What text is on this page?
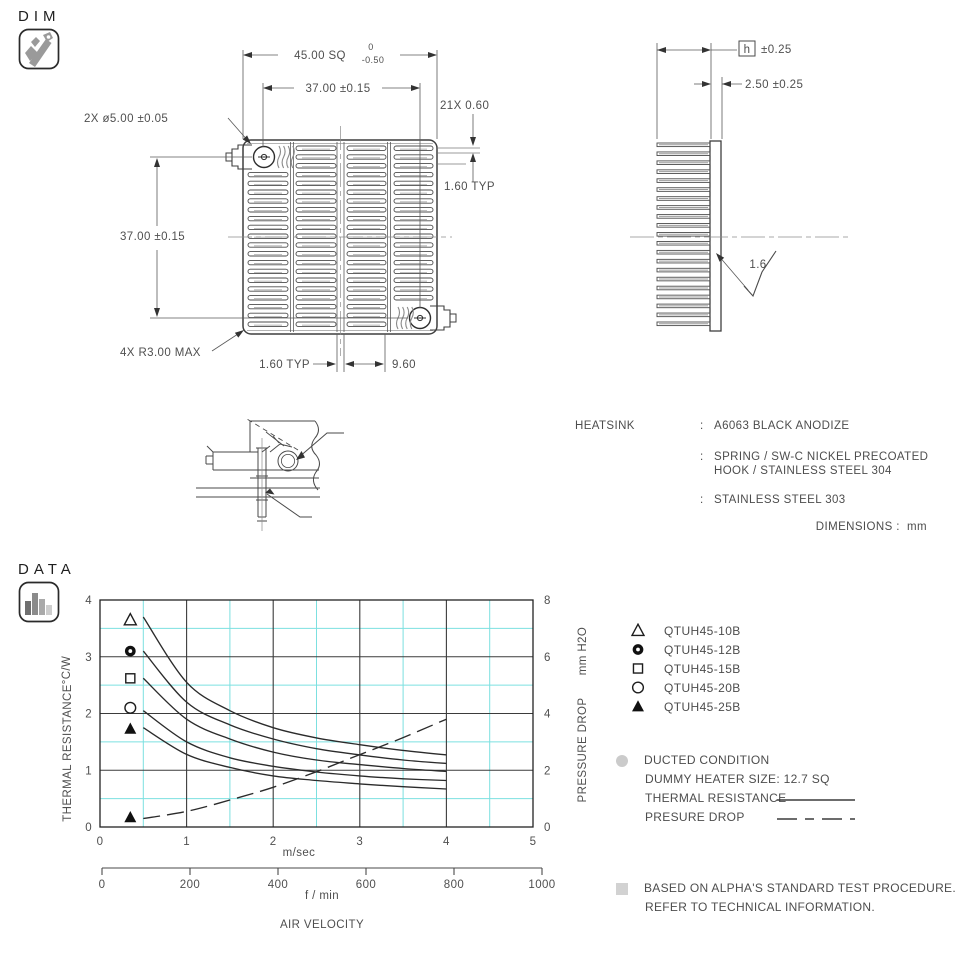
DIM
DATA
0
1
2
3
4
0
2
4
6
8
0	1	2	3	4	5
0	200	400	600	800	1000
45.00 SQ
0
-0.50
37.00 ±0.15
21X 0.60
1.60 TYP
2X ø5.00 ±0.05
37.00 ±0.15
4X R3.00 MAX
1.60 TYP	9.60
h ±0.25
2.50 ±0.25
1.6
m/sec
f / min
AIR VELOCITY
°C/W
THERMAL RESISTANCE
mm H2O
PRESSURE DROP
HEATSINK	: A6063 BLACK ANODIZE
: SPRING / SW-C NICKEL PRECOATED
HOOK / STAINLESS STEEL 304
: STAINLESS STEEL 303
DIMENSIONS : mm
QTUH45-10B
QTUH45-12B
QTUH45-15B
QTUH45-20B
QTUH45-25B
DUCTED CONDITION
DUMMY HEATER SIZE: 12.7 SQ
THERMAL RESISTANCE
PRESURE DROP
BASED ON ALPHA'S STANDARD TEST PROCEDURE.
REFER TO TECHNICAL INFORMATION.
